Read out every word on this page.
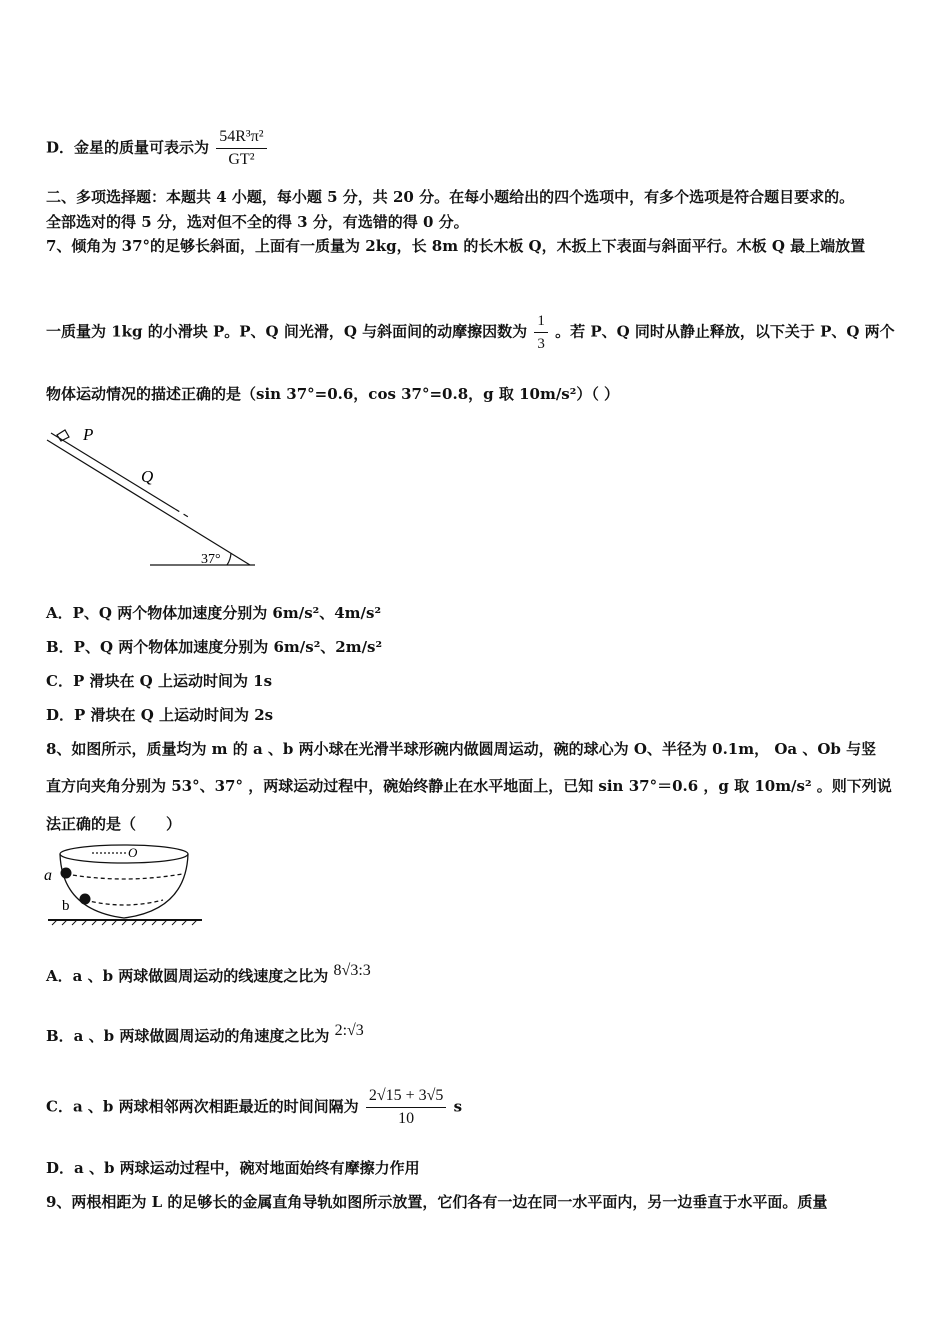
D．金星的质量可表示为 $\frac{\text{54R³π²}}{\text{GT²}}$
二、多项选择题：本题共 4 小题，每小题 5 分，共 20 分。在每小题给出的四个选项中，有多个选项是符合题目要求的。
全部选对的得 5 分，选对但不全的得 3 分，有选错的得 0 分。
7、倾角为 37°的足够长斜面，上面有一质量为 2kg，长 8m 的长木板 Q，木扳上下表面与斜面平行。木板 Q 最上端放置
一质量为 1kg 的小滑块 P。P、Q 间光滑，Q 与斜面间的动摩擦因数为 $\frac{1}{3}$ 。若 P、Q 同时从静止释放，以下关于 P、Q 两个
物体运动情况的描述正确的是（sin 37°=0.6，cos 37°=0.8，g 取 10m/s²）（ ）
P
Q
37°
A．P、Q 两个物体加速度分别为 6m/s²、4m/s²
B．P、Q 两个物体加速度分别为 6m/s²、2m/s²
C．P 滑块在 Q 上运动时间为 1s
D．P 滑块在 Q 上运动时间为 2s
8、如图所示，质量均为 m 的 a 、b 两小球在光滑半球形碗内做圆周运动，碗的球心为 O、半径为 0.1m， Oa 、Ob 与竖
直方向夹角分别为 53°、37° ，两球运动过程中，碗始终静止在水平地面上，已知 sin 37°＝0.6 ，g 取 10m/s² 。则下列说
法正确的是（　　）
O
a
b
A．a 、b 两球做圆周运动的线速度之比为 8√3:3
B．a 、b 两球做圆周运动的角速度之比为 2:√3
C．a 、b 两球相邻两次相距最近的时间间隔为 $\frac{2√15 + 3√5}{10}$ s
D．a 、b 两球运动过程中，碗对地面始终有摩擦力作用
9、两根相距为 L 的足够长的金属直角导轨如图所示放置，它们各有一边在同一水平面内，另一边垂直于水平面。质量
